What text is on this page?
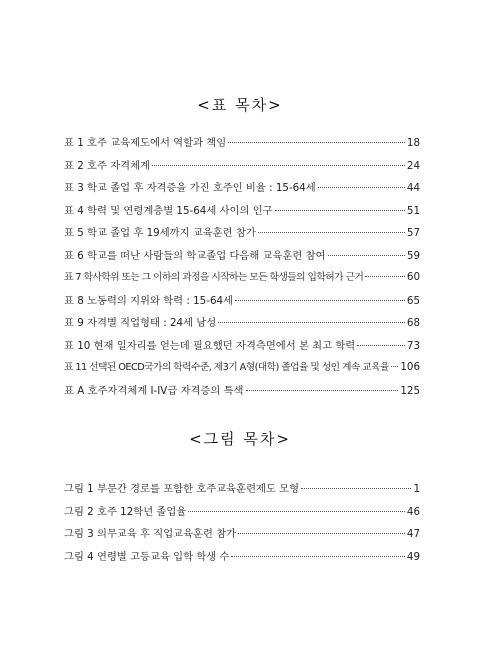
<표 목차>
표 1 호주 교육제도에서 역할과 책임	18
표 2 호주 자격체계	24
표 3 학교 졸업 후 자격증을 가진 호주인 비율 : 15-64세	44
표 4 학력 및 연령계층별 15-64세 사이의 인구	51
표 5 학교 졸업 후 19세까지 교육훈련 참가	57
표 6 학교를 떠난 사람들의 학교졸업 다음해 교육훈련 참여	59
표 7 학사학위 또는 그 이하의 과정을 시작하는 모든 학생들의 입학허가 근거	60
표 8 노동력의 지위와 학력 : 15-64세	65
표 9 자격별 직업형태 : 24세 남성	68
표 10 현재 일자리를 얻는데 필요했던 자격측면에서 본 최고 학력	73
표 11 선택된 OECD국가의 학력수준, 제3기 A형(대학) 졸업율 및 성인 계속 교육율 106
표 A 호주자격체계 I-IV급 자격증의 특색	125
<그림 목차>
그림 1 부문간 경로를 포함한 호주교육훈련제도 모형	1
그림 2 호주 12학년 졸업율	46
그림 3 의무교육 후 직업교육훈련 참가	47
그림 4 연령별 고등교육 입학 학생 수	49
